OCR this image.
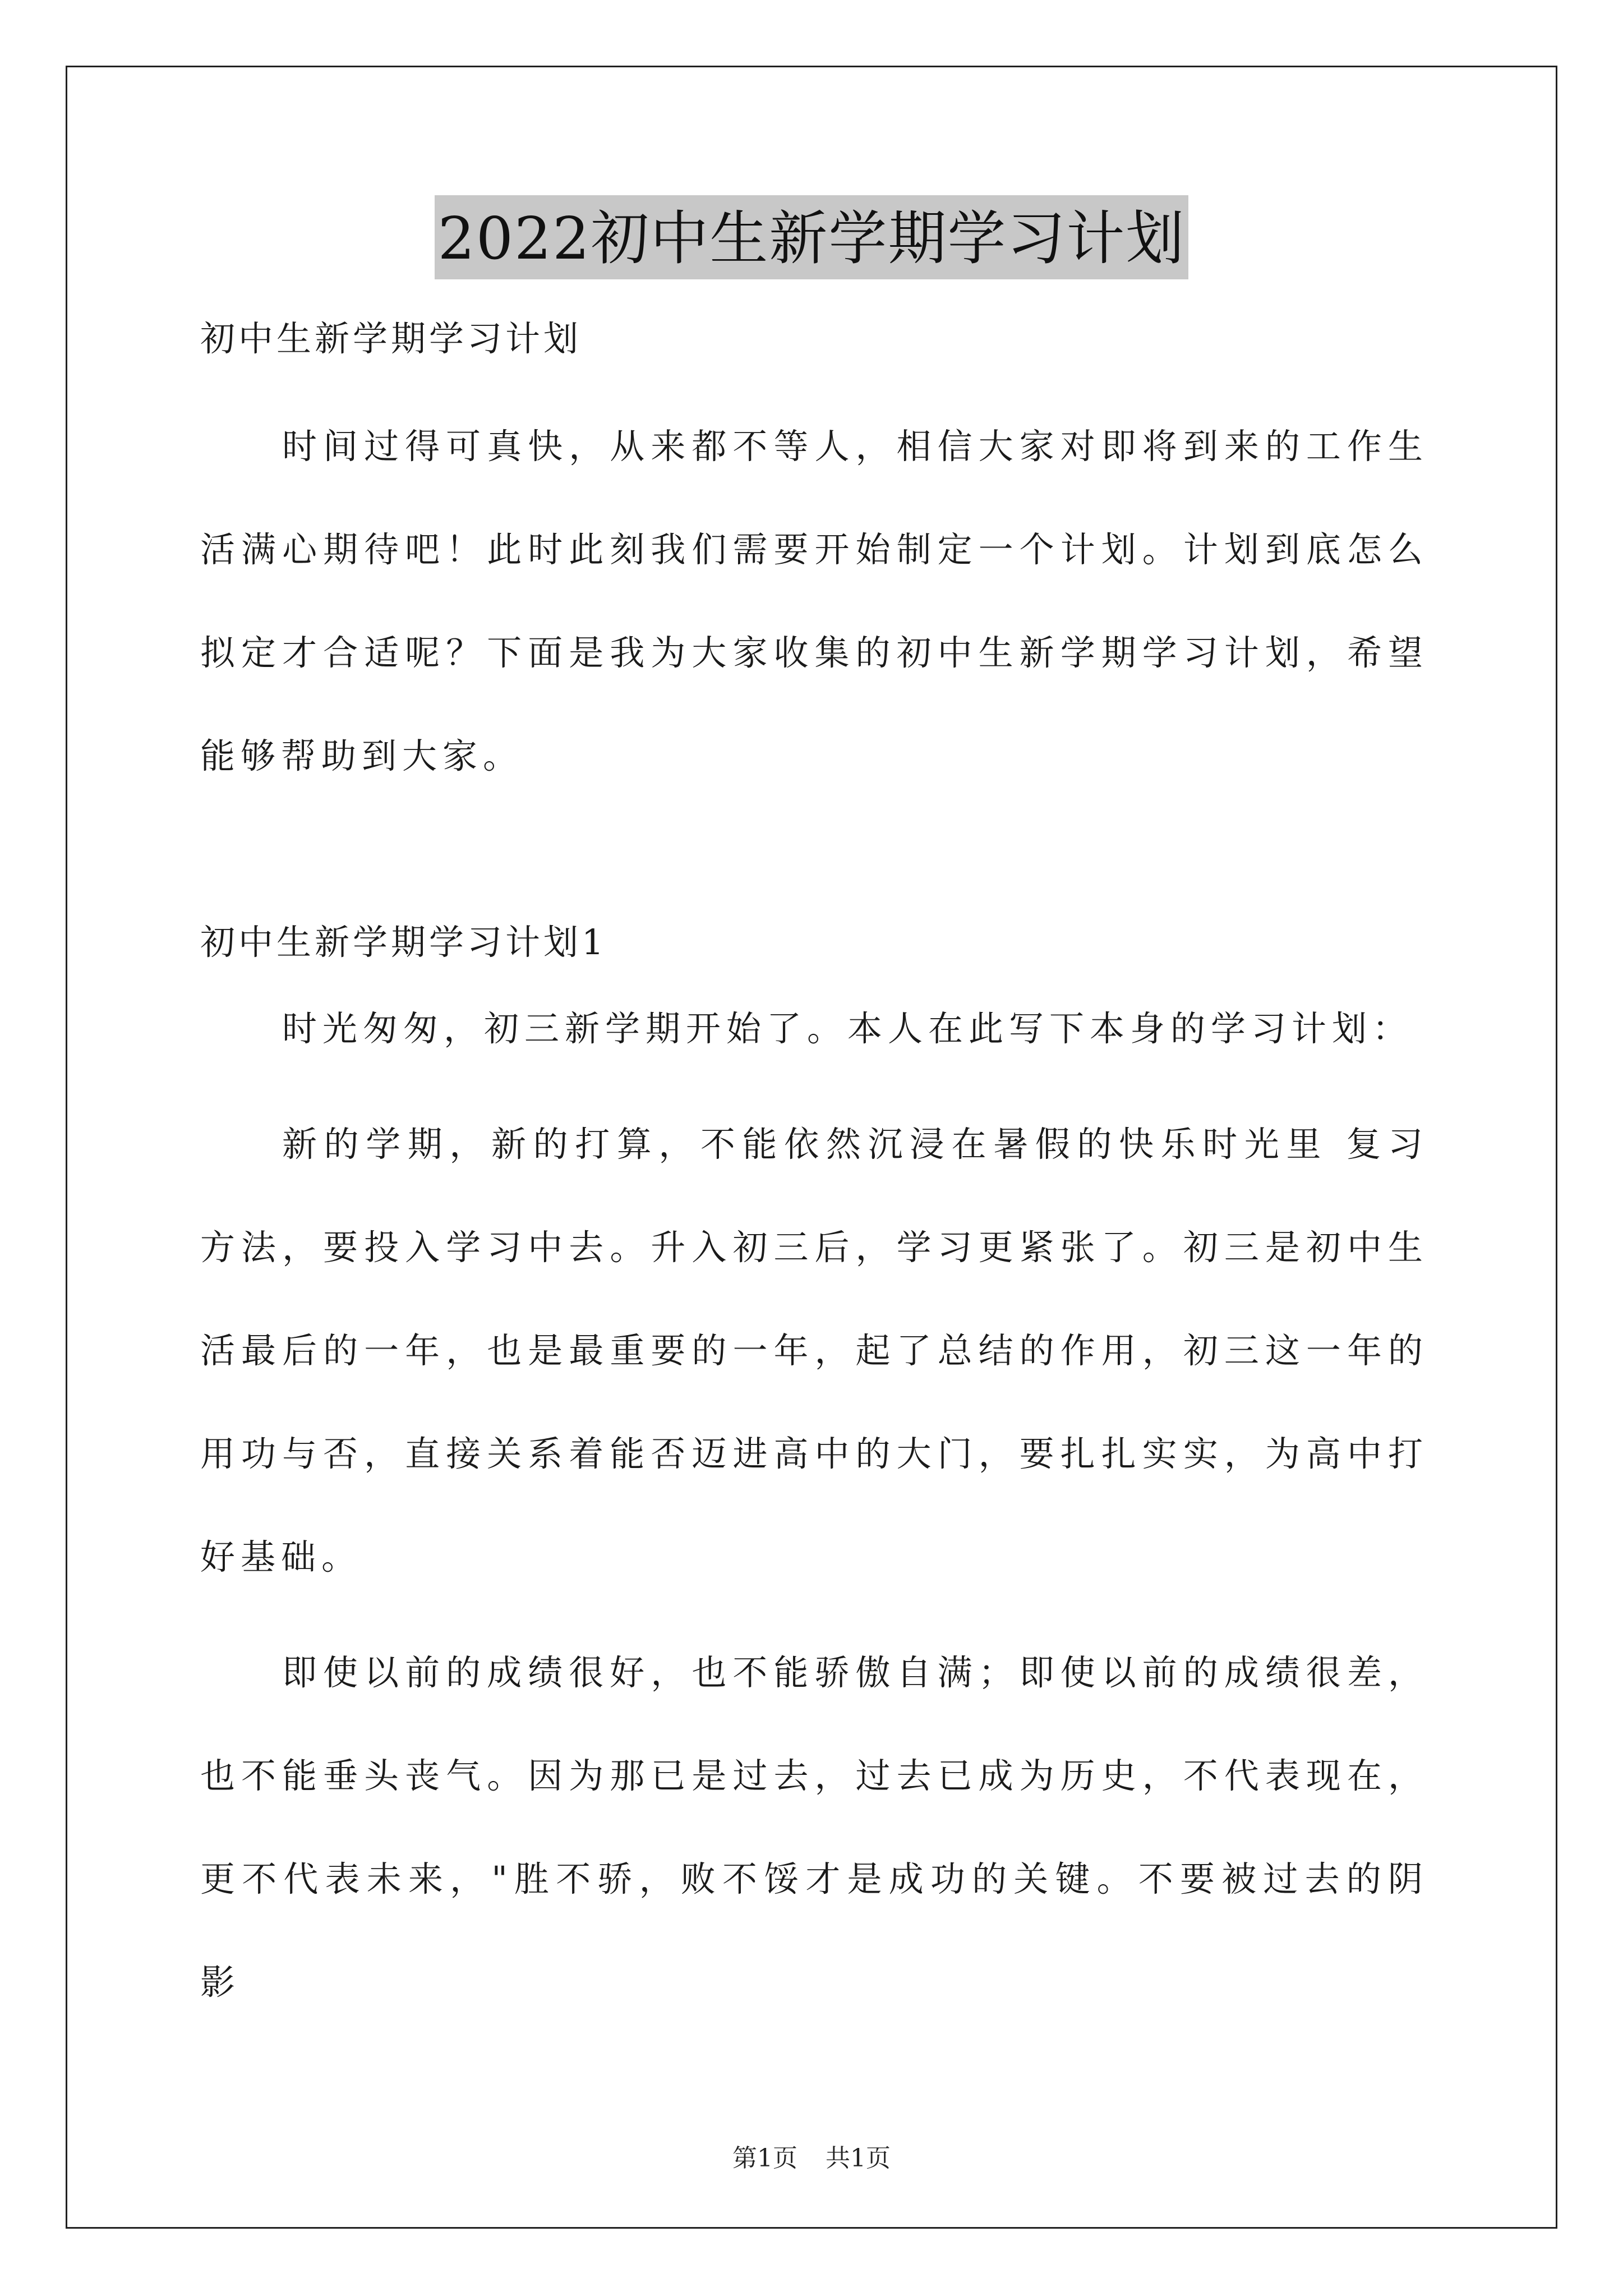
2022初中生新学期学习计划

初中生新学期学习计划

时间过得可真快，从来都不等人，相信大家对即将到来的工作生活满心期待吧！此时此刻我们需要开始制定一个计划。计划到底怎么拟定才合适呢？下面是我为大家收集的初中生新学期学习计划，希望能够帮助到大家。

初中生新学期学习计划1

时光匆匆，初三新学期开始了。本人在此写下本身的学习计划：

新的学期，新的打算，不能依然沉浸在暑假的快乐时光里 复习方法，要投入学习中去。升入初三后，学习更紧张了。初三是初中生活最后的一年，也是最重要的一年，起了总结的作用，初三这一年的用功与否，直接关系着能否迈进高中的大门，要扎扎实实，为高中打好基础。

即使以前的成绩很好，也不能骄傲自满；即使以前的成绩很差，也不能垂头丧气。因为那已是过去，过去已成为历史，不代表现在，更不代表未来，"胜不骄，败不馁才是成功的关键。不要被过去的阴影

第1页 共1页
